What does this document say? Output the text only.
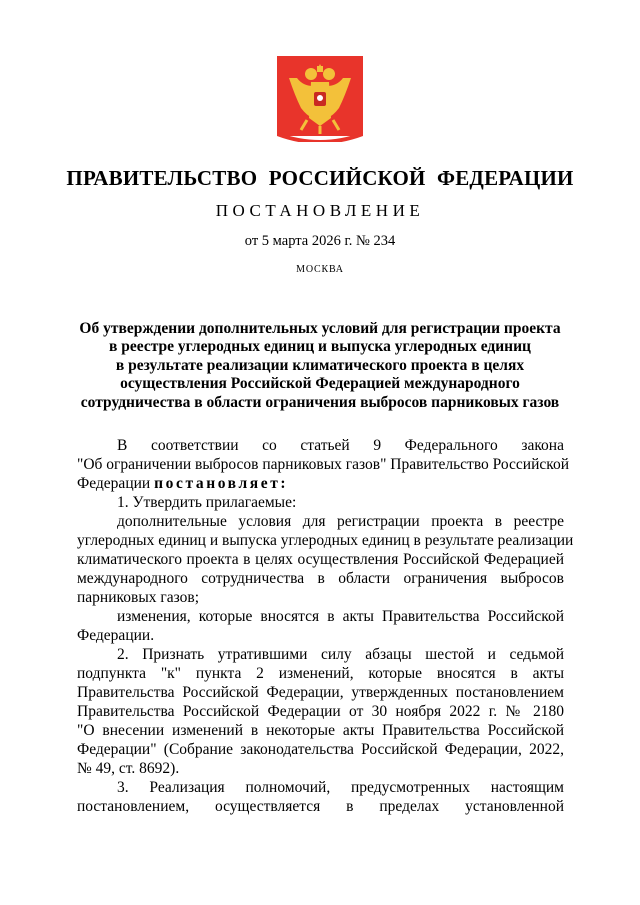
ПРАВИТЕЛЬСТВО РОССИЙСКОЙ ФЕДЕРАЦИИ
ПОСТАНОВЛЕНИЕ
от 5 марта 2026 г. № 234
МОСКВА
Об утверждении дополнительных условий для регистрации проекта
в реестре углеродных единиц и выпуска углеродных единиц
в результате реализации климатического проекта в целях
осуществления Российской Федерацией международного
сотрудничества в области ограничения выбросов парниковых газов
В соответствии со статьей 9 Федерального закона
"Об ограничении выбросов парниковых газов" Правительство Российской
Федерации постановляет:
1. Утвердить прилагаемые:
дополнительные условия для регистрации проекта в реестре
углеродных единиц и выпуска углеродных единиц в результате реализации
климатического проекта в целях осуществления Российской Федерацией
международного сотрудничества в области ограничения выбросов
парниковых газов;
изменения, которые вносятся в акты Правительства Российской
Федерации.
2. Признать утратившими силу абзацы шестой и седьмой
подпункта "к" пункта 2 изменений, которые вносятся в акты
Правительства Российской Федерации, утвержденных постановлением
Правительства Российской Федерации от 30 ноября 2022 г. № 2180
"О внесении изменений в некоторые акты Правительства Российской
Федерации" (Собрание законодательства Российской Федерации, 2022,
№ 49, ст. 8692).
3. Реализация полномочий, предусмотренных настоящим
постановлением, осуществляется в пределах установленной
